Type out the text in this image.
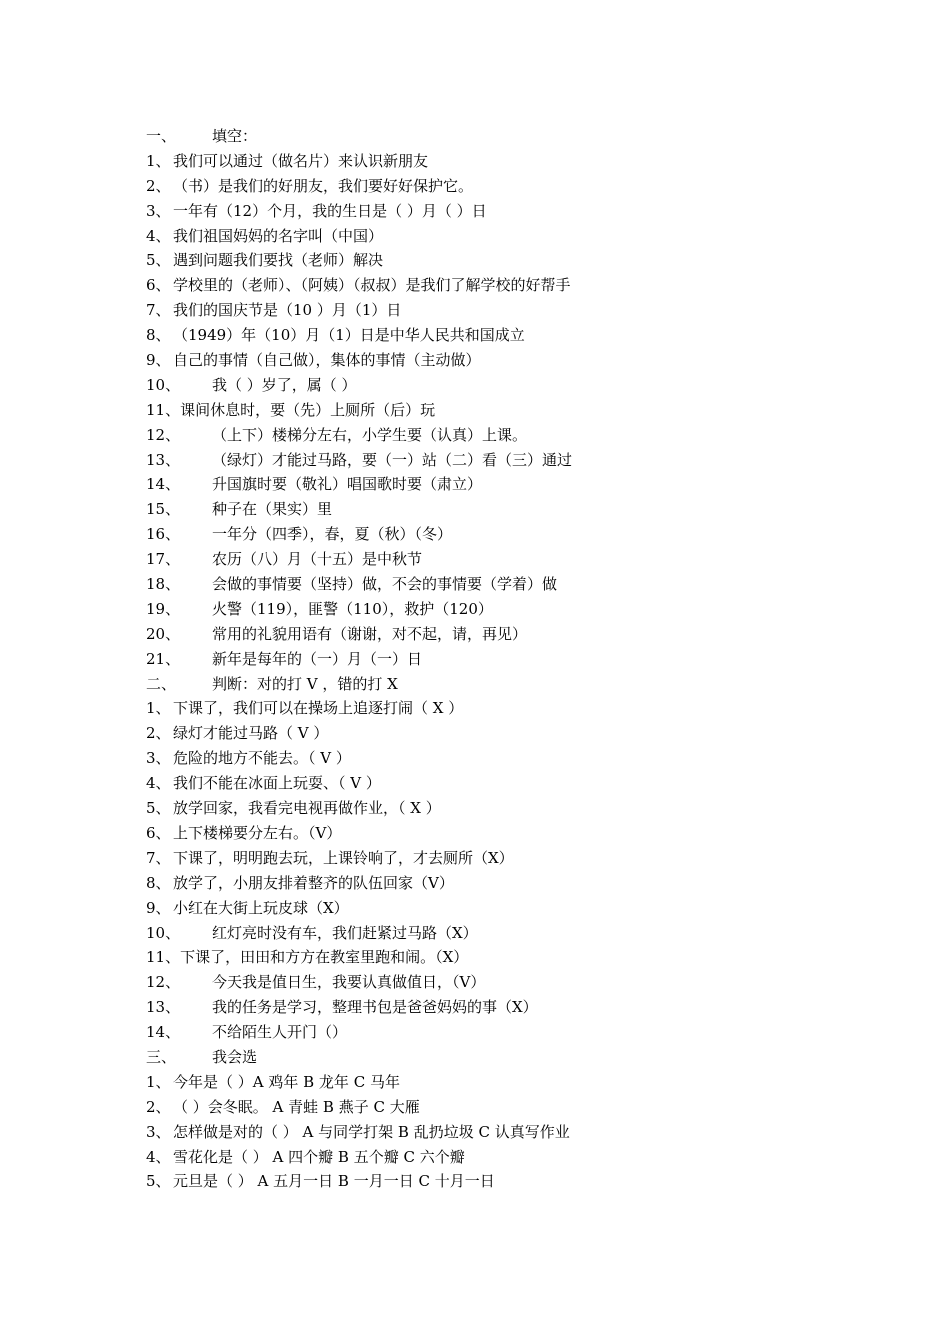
一、	填空：
1、 我们可以通过（做名片）来认识新朋友
2、 （书）是我们的好朋友，我们要好好保护它。
3、 一年有（12）个月，我的生日是（ ）月（ ）日
4、 我们祖国妈妈的名字叫（中国）
5、 遇到问题我们要找（老师）解决
6、 学校里的（老师）、（阿姨）（叔叔）是我们了解学校的好帮手
7、 我们的国庆节是（10 ）月（1）日
8、 （1949）年（10）月（1）日是中华人民共和国成立
9、 自己的事情（自己做），集体的事情（主动做）
10、	我（ ）岁了，属（ ）
11、 课间休息时，要（先）上厕所（后）玩
12、	（上下）楼梯分左右，小学生要（认真）上课。
13、	（绿灯）才能过马路，要（一）站（二）看（三）通过
14、	升国旗时要（敬礼）唱国歌时要（肃立）
15、	种子在（果实）里
16、	一年分（四季），春，夏（秋）（冬）
17、	农历（八）月（十五）是中秋节
18、	会做的事情要（坚持）做，不会的事情要（学着）做
19、	火警（119），匪警（110），救护（120）
20、	常用的礼貌用语有（谢谢，对不起，请，再见）
21、	新年是每年的（一）月（一）日
二、	判断：对的打 V ，错的打 X
1、 下课了，我们可以在操场上追逐打闹（ X ）
2、 绿灯才能过马路（ V ）
3、 危险的地方不能去。（ V ）
4、 我们不能在冰面上玩耍、（ V ）
5、 放学回家，我看完电视再做作业，（ X ）
6、 上下楼梯要分左右。（V）
7、 下课了，明明跑去玩，上课铃响了，才去厕所（X）
8、 放学了，小朋友排着整齐的队伍回家（V）
9、 小红在大街上玩皮球（X）
10、	红灯亮时没有车，我们赶紧过马路（X）
11、 下课了，田田和方方在教室里跑和闹。（X）
12、	今天我是值日生，我要认真做值日，（V）
13、	我的任务是学习，整理书包是爸爸妈妈的事（X）
14、	不给陌生人开门（）
三、	我会选
1、 今年是（ ）A 鸡年 B 龙年 C 马年
2、 （ ）会冬眠。 A 青蛙 B 燕子 C 大雁
3、 怎样做是对的（ ） A 与同学打架 B 乱扔垃圾 C 认真写作业
4、 雪花化是（ ） A 四个瓣 B 五个瓣 C 六个瓣
5、 元旦是（ ） A 五月一日 B 一月一日 C 十月一日
